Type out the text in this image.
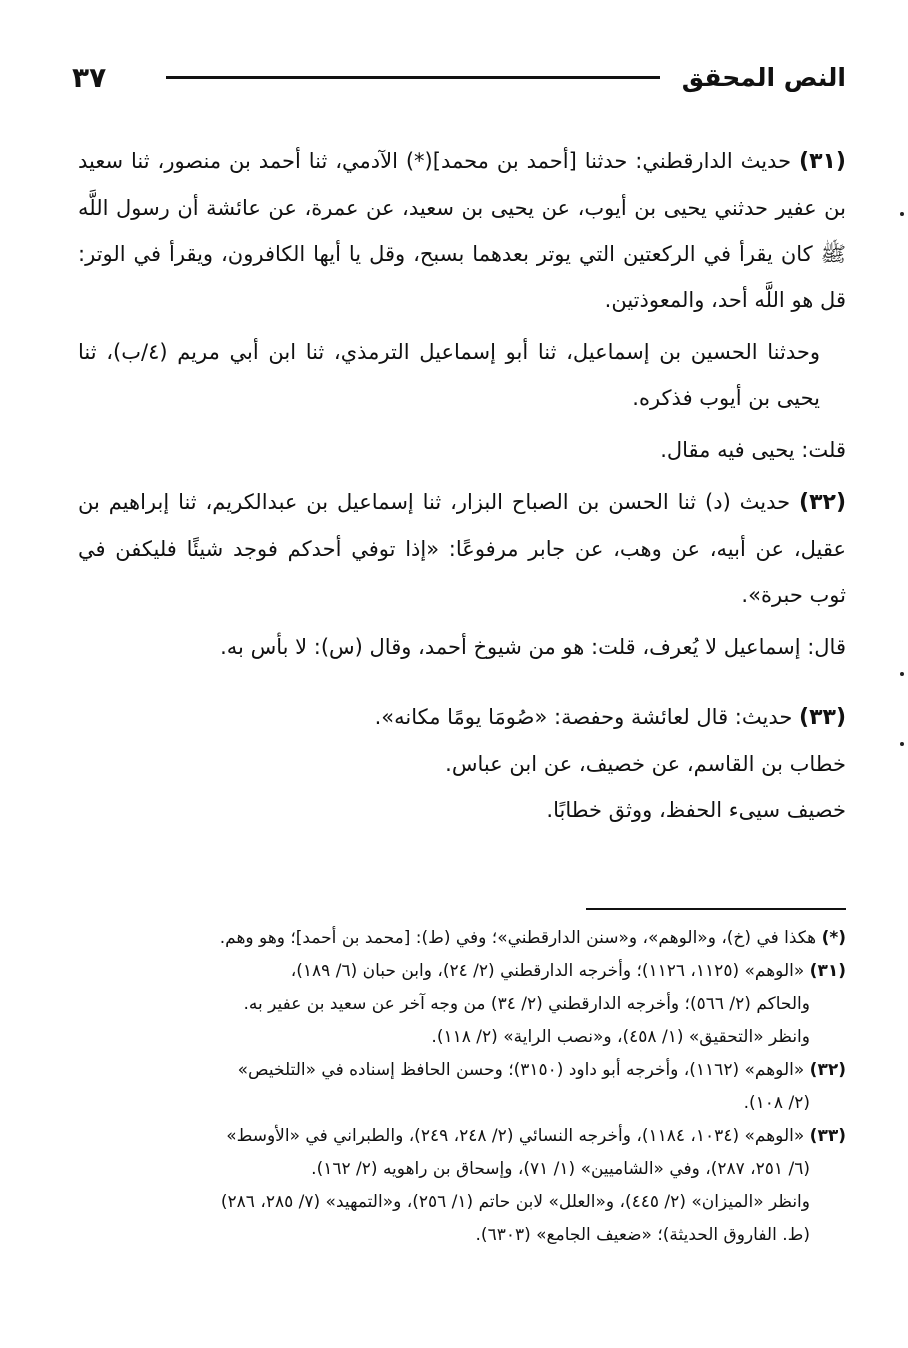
النص المحقق
٣٧

(٣١) حديث الدارقطني: حدثنا [أحمد بن محمد](*) الآدمي، ثنا أحمد بن منصور، ثنا سعيد بن عفير حدثني يحيى بن أيوب، عن يحيى بن سعيد، عن عمرة، عن عائشة أن رسول اللَّه ﷺ كان يقرأ في الركعتين التي يوتر بعدهما بسبح، وقل يا أيها الكافرون، ويقرأ في الوتر: قل هو اللَّه أحد، والمعوذتين.

وحدثنا الحسين بن إسماعيل، ثنا أبو إسماعيل الترمذي، ثنا ابن أبي مريم (٤/ب)، ثنا يحيى بن أيوب فذكره.

قلت: يحيى فيه مقال.

(٣٢) حديث (د) ثنا الحسن بن الصباح البزار، ثنا إسماعيل بن عبدالكريم، ثنا إبراهيم بن عقيل، عن أبيه، عن وهب، عن جابر مرفوعًا: «إذا توفي أحدكم فوجد شيئًا فليكفن في ثوب حبرة».

قال: إسماعيل لا يُعرف، قلت: هو من شيوخ أحمد، وقال (س): لا بأس به.

(٣٣) حديث: قال لعائشة وحفصة: «صُومَا يومًا مكانه».

خطاب بن القاسم، عن خصيف، عن ابن عباس.

خصيف سيىء الحفظ، ووثق خطابًا.

(*) هكذا في (خ)، و«الوهم»، و«سنن الدارقطني»؛ وفي (ط): [محمد بن أحمد]؛ وهو وهم.

(٣١) «الوهم» (١١٢٥، ١١٢٦)؛ وأخرجه الدارقطني (٢/ ٢٤)، وابن حبان (٦/ ١٨٩)،
والحاكم (٢/ ٥٦٦)؛ وأخرجه الدارقطني (٢/ ٣٤) من وجه آخر عن سعيد بن عفير به.
وانظر «التحقيق» (١/ ٤٥٨)، و«نصب الراية» (٢/ ١١٨).

(٣٢) «الوهم» (١١٦٢)، وأخرجه أبو داود (٣١٥٠)؛ وحسن الحافظ إسناده في «التلخيص»
(٢/ ١٠٨).

(٣٣) «الوهم» (١٠٣٤، ١١٨٤)، وأخرجه النسائي (٢/ ٢٤٨، ٢٤٩)، والطبراني في «الأوسط»
(٦/ ٢٥١، ٢٨٧)، وفي «الشاميين» (١/ ٧١)، وإسحاق بن راهويه (٢/ ١٦٢).
وانظر «الميزان» (٢/ ٤٤٥)، و«العلل» لابن حاتم (١/ ٢٥٦)، و«التمهيد» (٧/ ٢٨٥، ٢٨٦)
(ط. الفاروق الحديثة)؛ «ضعيف الجامع» (٦٣٠٣).
